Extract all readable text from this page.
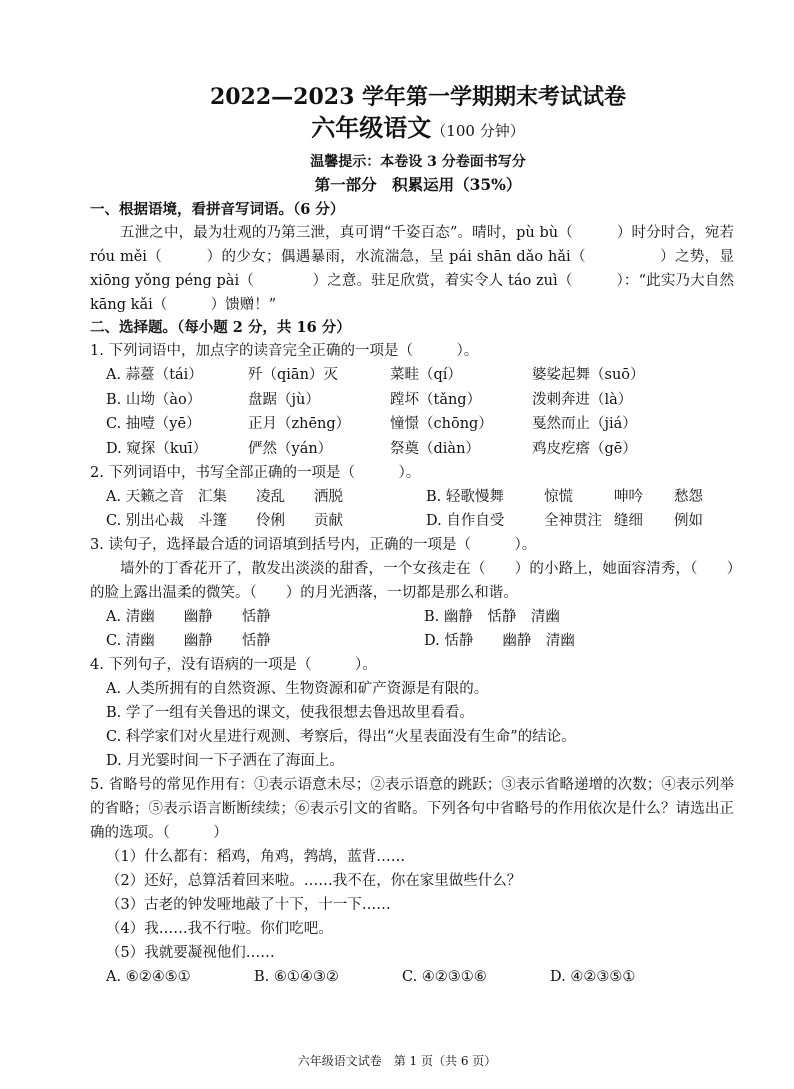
2022—2023 学年第一学期期末考试试卷
六年级语文（100 分钟）
温馨提示：本卷设 3 分卷面书写分
第一部分　积累运用（35%）
一、根据语境，看拼音写词语。（6 分）
五泄之中，最为壮观的乃第三泄，真可谓“千姿百态”。晴时，pù bù（　　　）时分时合，宛若 róu měi（　　　）的少女；偶遇暴雨，水流湍急，呈 pái shān dǎo hǎi（　　　　　）之势，显 xiōng yǒng péng pài（　　　　）之意。驻足欣赏，着实令人 táo zuì（　　　）：“此实乃大自然 kāng kǎi（　　　）馈赠！”
二、选择题。（每小题 2 分，共 16 分）
1. 下列词语中，加点字的读音完全正确的一项是（　　　）。
A. 蒜薹（tái）	歼（qiān）灭	菜畦（qí）	婆娑起舞（suō）
B. 山坳（ào）	盘踞（jù）	蹚坏（tǎng）	泼刺奔进（là）
C. 抽噎（yē）	正月（zhēng）	憧憬（chōng）	戛然而止（jiá）
D. 窥探（kuī）	俨然（yán）	祭奠（diàn）	鸡皮疙瘩（gē）
2. 下列词语中，书写全部正确的一项是（　　　）。
A. 天籁之音 汇集	凌乱	洒脱	B. 轻歌慢舞	惊慌	呻吟	愁怨
C. 别出心裁 斗篷	伶俐	贡献	D. 自作自受	全神贯注 缝细	例如
3. 读句子，选择最合适的词语填到括号内，正确的一项是（　　　）。
墙外的丁香花开了，散发出淡淡的甜香，一个女孩走在（　　）的小路上，她面容清秀，（　　）的脸上露出温柔的微笑。（　　）的月光洒落，一切都是那么和谐。
A. 清幽　　幽静　　恬静	B. 幽静　恬静　清幽
C. 清幽　　幽静　　恬静	D. 恬静　　幽静　清幽
4. 下列句子，没有语病的一项是（　　　）。
A. 人类所拥有的自然资源、生物资源和矿产资源是有限的。
B. 学了一组有关鲁迅的课文，使我很想去鲁迅故里看看。
C. 科学家们对火星进行观测、考察后，得出“火星表面没有生命”的结论。
D. 月光霎时间一下子洒在了海面上。
5. 省略号的常见作用有：①表示语意未尽；②表示语意的跳跃；③表示省略递增的次数；④表示列举的省略；⑤表示语言断断续续；⑥表示引文的省略。下列各句中省略号的作用依次是什么？请选出正确的选项。（　　　）
（1）什么都有：稻鸡，角鸡，鹁鸪，蓝背……
（2）还好，总算活着回来啦。……我不在，你在家里做些什么？
（3）古老的钟发哑地敲了十下，十一下……
（4）我……我不行啦。你们吃吧。
（5）我就要凝视他们……
A. ⑥②④⑤①	B. ⑥①④③②	C. ④②③①⑥	D. ④②③⑤①
六年级语文试卷　第 1 页（共 6 页）
